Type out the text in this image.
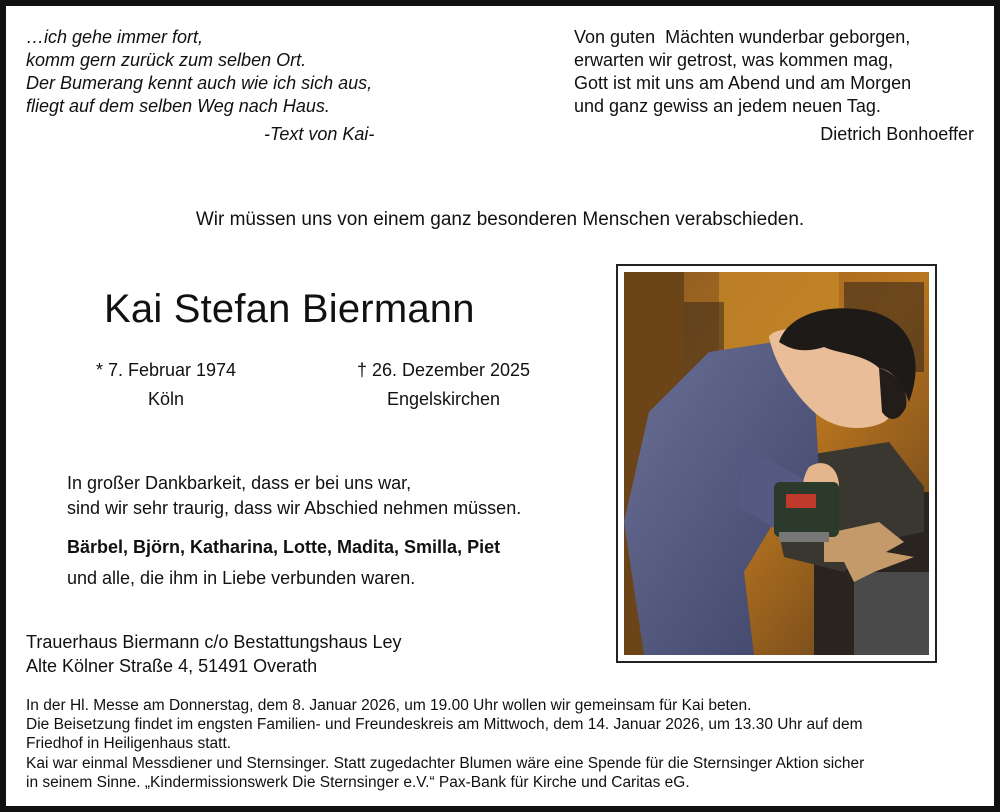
…ich gehe immer fort,
komm gern zurück zum selben Ort.
Der Bumerang kennt auch wie ich sich aus,
fliegt auf dem selben Weg nach Haus.
-Text von Kai-
Von guten  Mächten wunderbar geborgen,
erwarten wir getrost, was kommen mag,
Gott ist mit uns am Abend und am Morgen
und ganz gewiss an jedem neuen Tag.
Dietrich Bonhoeffer
Wir müssen uns von einem ganz besonderen Menschen verabschieden.
Kai Stefan Biermann
* 7. Februar 1974
Köln
† 26. Dezember 2025
Engelskirchen
In großer Dankbarkeit, dass er bei uns war,
sind wir sehr traurig, dass wir Abschied nehmen müssen.
Bärbel, Björn, Katharina, Lotte, Madita, Smilla, Piet
und alle, die ihm in Liebe verbunden waren.
Trauerhaus Biermann c/o Bestattungshaus Ley
Alte Kölner Straße 4, 51491 Overath
In der Hl. Messe am Donnerstag, dem 8. Januar 2026, um 19.00 Uhr wollen wir gemeinsam für Kai beten.
Die Beisetzung findet im engsten Familien- und Freundeskreis am Mittwoch, dem 14. Januar 2026, um 13.30 Uhr auf dem
Friedhof in Heiligenhaus statt.
Kai war einmal Messdiener und Sternsinger. Statt zugedachter Blumen wäre eine Spende für die Sternsinger Aktion sicher
in seinem Sinne. „Kindermissionswerk Die Sternsinger e.V.“ Pax-Bank für Kirche und Caritas eG.
